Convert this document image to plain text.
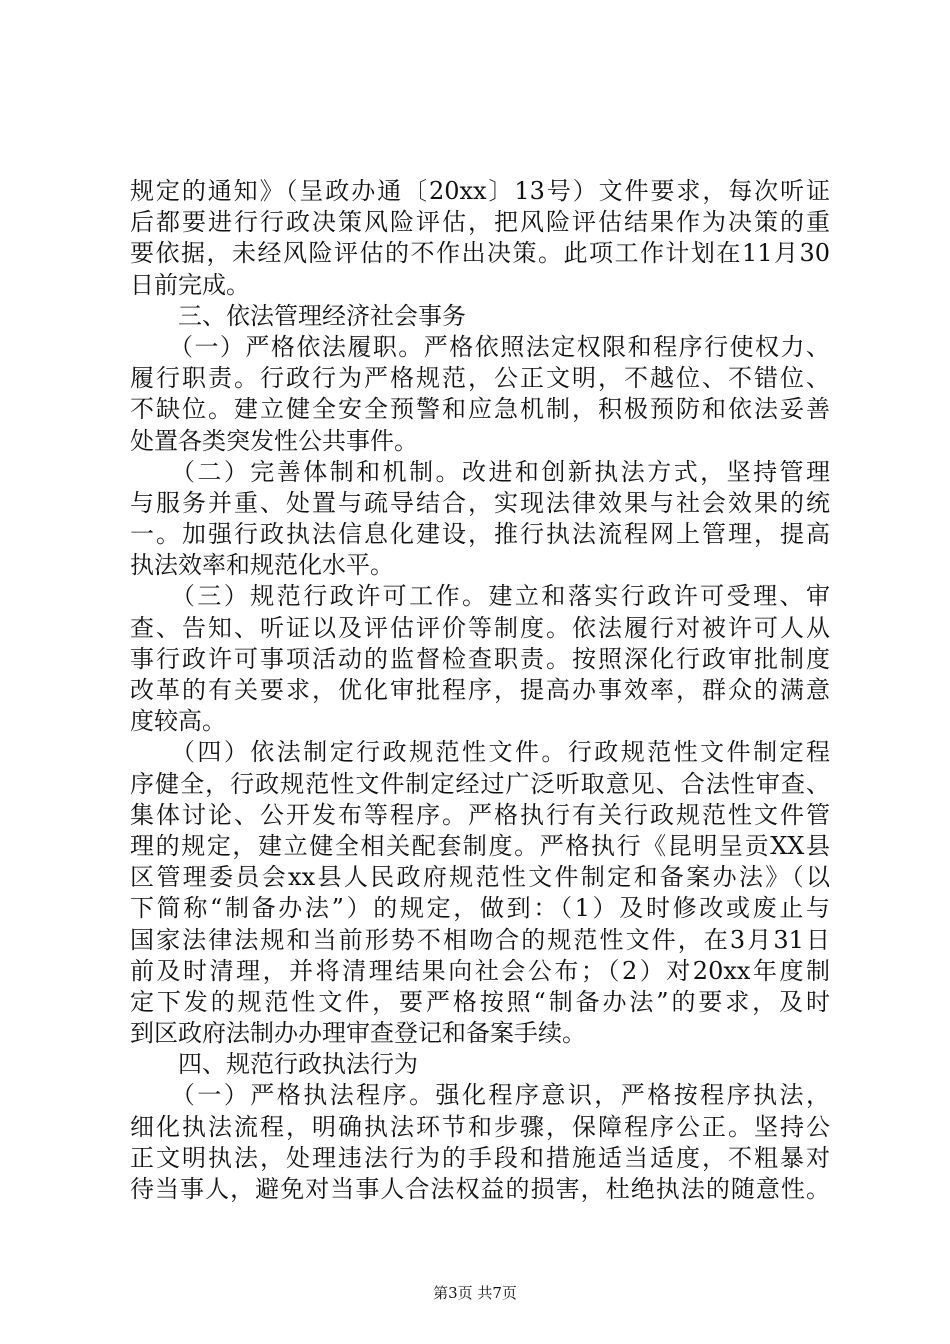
规定的通知》（呈政办通〔20xx〕13号）文件要求，每次听证
后都要进行行政决策风险评估，把风险评估结果作为决策的重
要依据，未经风险评估的不作出决策。此项工作计划在11月30
日前完成。
三、依法管理经济社会事务
　　（一）严格依法履职。严格依照法定权限和程序行使权力、
履行职责。行政行为严格规范，公正文明，不越位、不错位、
不缺位。建立健全安全预警和应急机制，积极预防和依法妥善
处置各类突发性公共事件。
　　（二）完善体制和机制。改进和创新执法方式，坚持管理
与服务并重、处置与疏导结合，实现法律效果与社会效果的统
一。加强行政执法信息化建设，推行执法流程网上管理，提高
执法效率和规范化水平。
　　（三）规范行政许可工作。建立和落实行政许可受理、审
查、告知、听证以及评估评价等制度。依法履行对被许可人从
事行政许可事项活动的监督检查职责。按照深化行政审批制度
改革的有关要求，优化审批程序，提高办事效率，群众的满意
度较高。
　　（四）依法制定行政规范性文件。行政规范性文件制定程
序健全，行政规范性文件制定经过广泛听取意见、合法性审查、
集体讨论、公开发布等程序。严格执行有关行政规范性文件管
理的规定，建立健全相关配套制度。严格执行《昆明呈贡XX县
区管理委员会xx县人民政府规范性文件制定和备案办法》（以
下简称“制备办法”）的规定，做到：（1）及时修改或废止与
国家法律法规和当前形势不相吻合的规范性文件，在3月31日
前及时清理，并将清理结果向社会公布；（2）对20xx年度制
定下发的规范性文件，要严格按照“制备办法”的要求，及时
到区政府法制办办理审查登记和备案手续。
四、规范行政执法行为
　　（一）严格执法程序。强化程序意识，严格按程序执法，
细化执法流程，明确执法环节和步骤，保障程序公正。坚持公
正文明执法，处理违法行为的手段和措施适当适度，不粗暴对
待当事人，避免对当事人合法权益的损害，杜绝执法的随意性。
第3页 共7页
